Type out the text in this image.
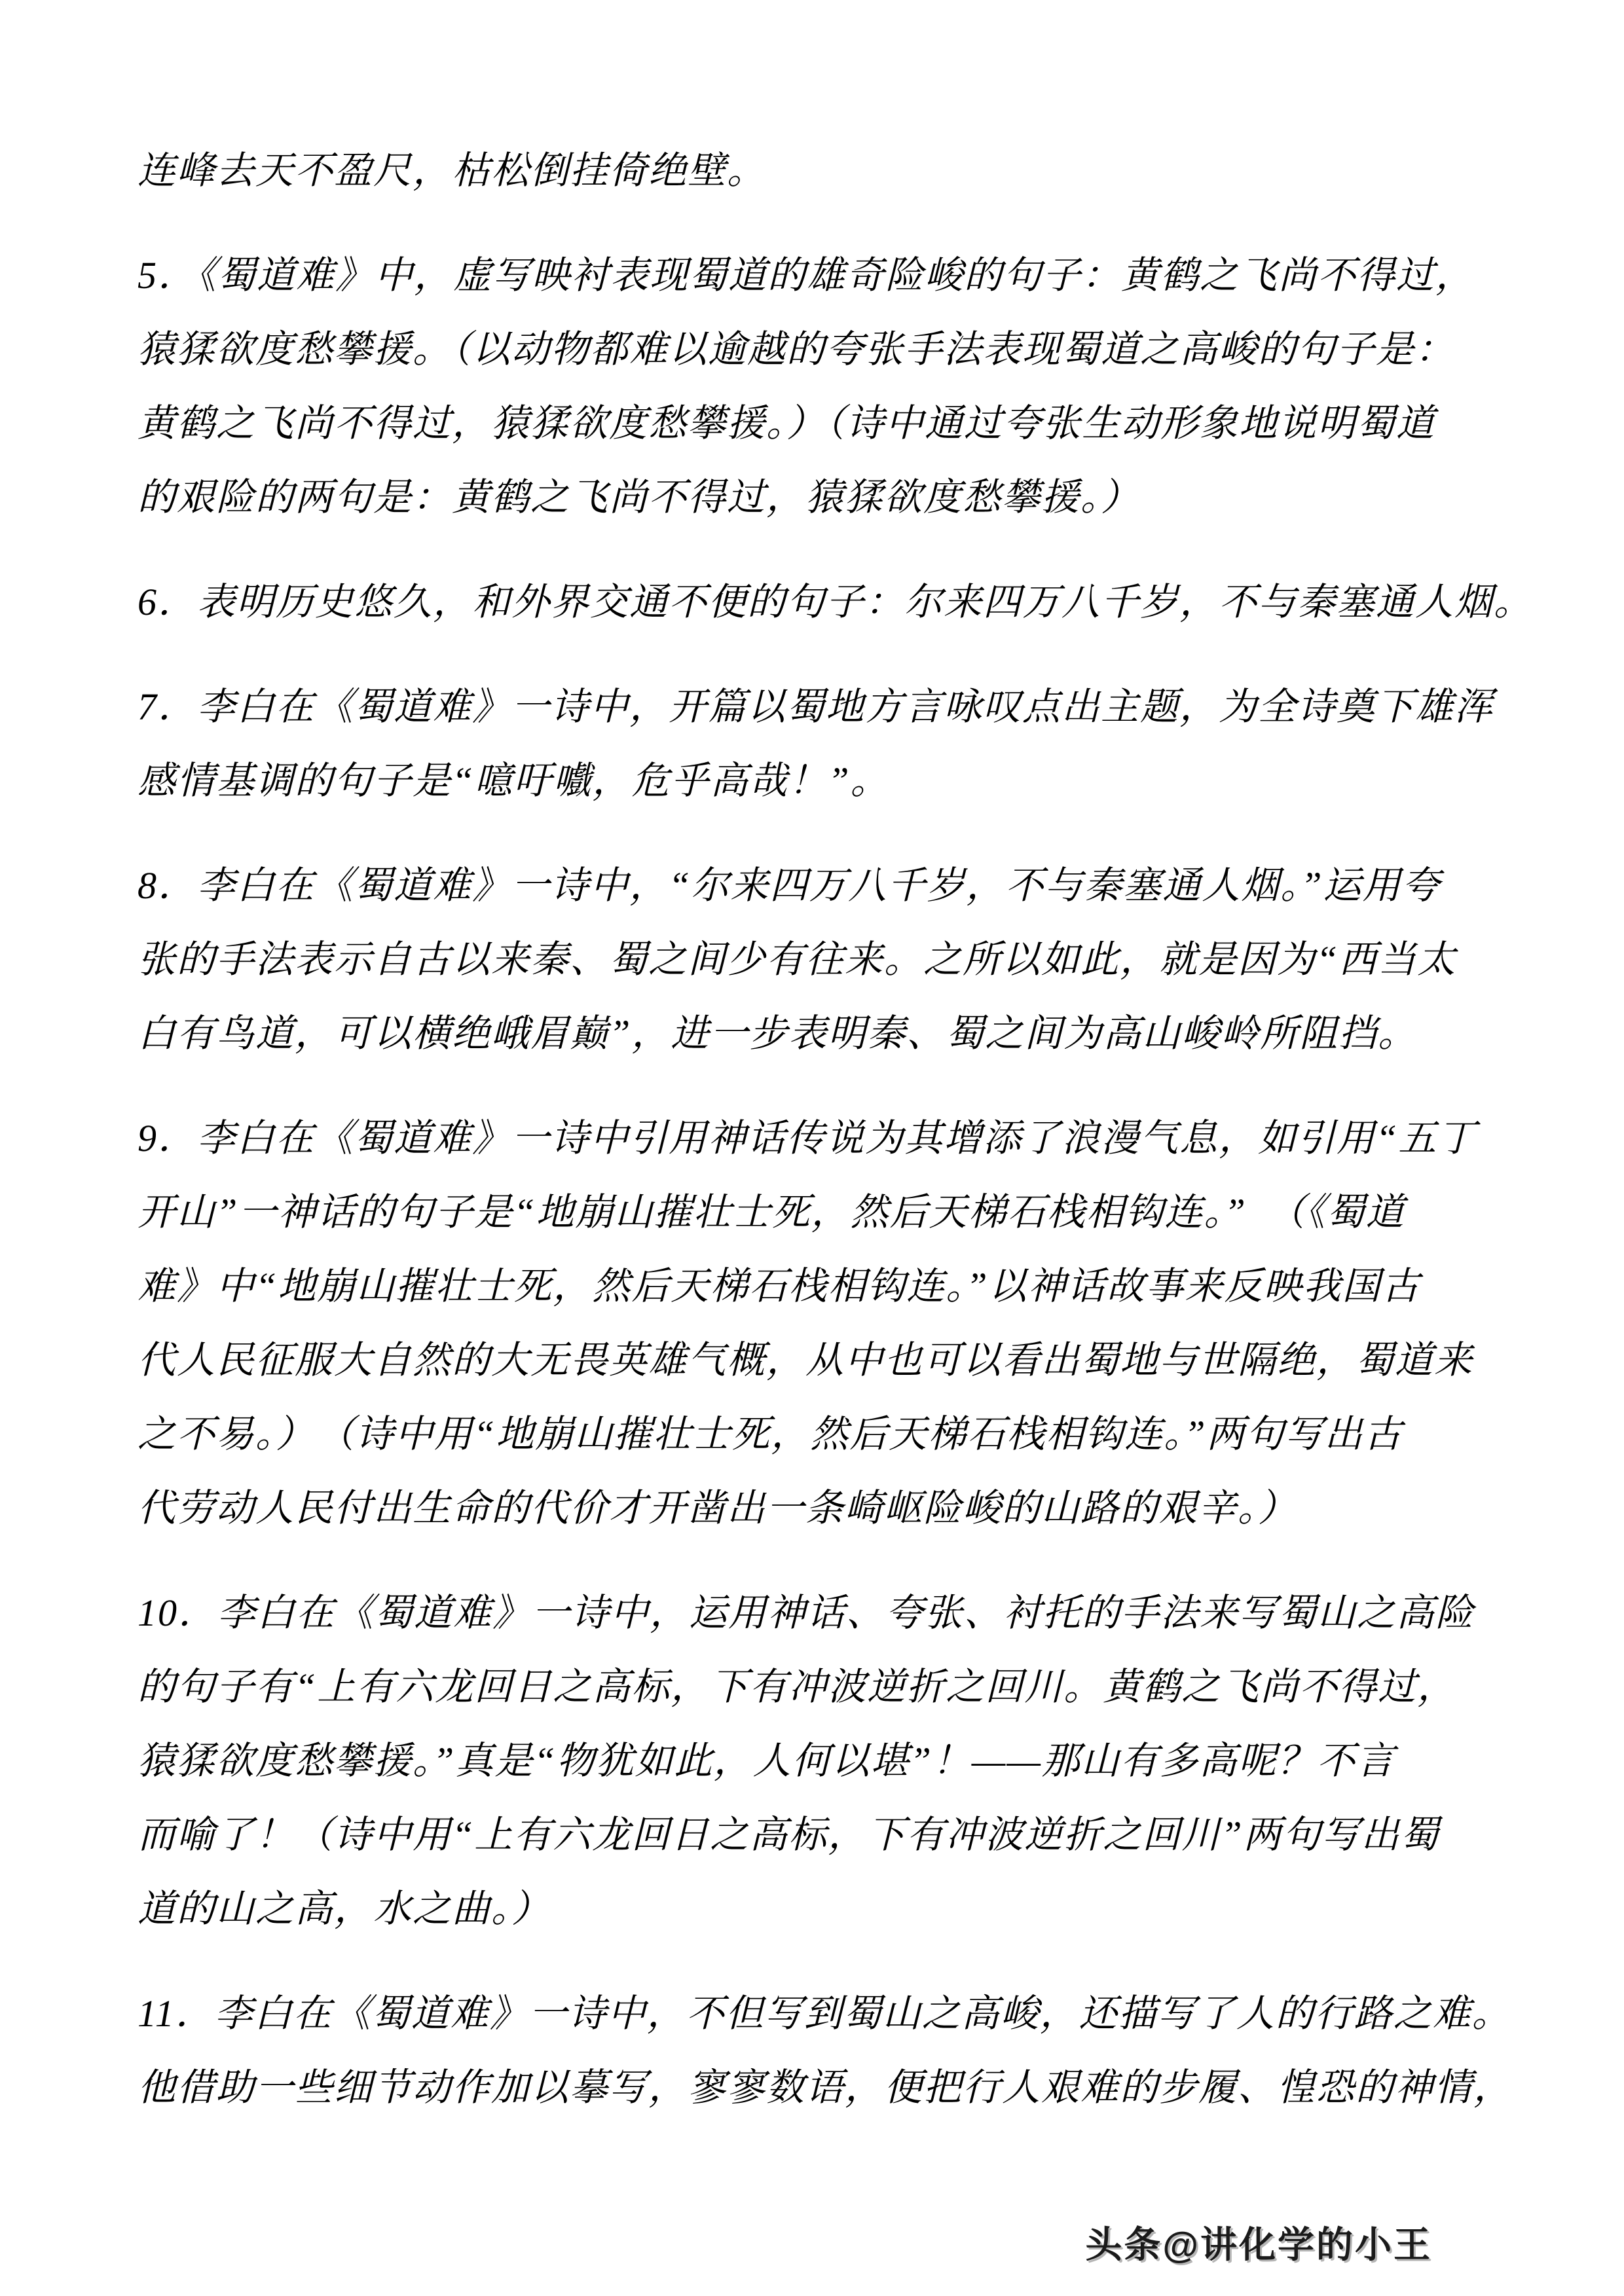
连峰去天不盈尺，枯松倒挂倚绝壁。
5．《蜀道难》中，虚写映衬表现蜀道的雄奇险峻的句子：黄鹤之飞尚不得过，
猿猱欲度愁攀援。（以动物都难以逾越的夸张手法表现蜀道之高峻的句子是：
黄鹤之飞尚不得过，猿猱欲度愁攀援。）（诗中通过夸张生动形象地说明蜀道
的艰险的两句是：黄鹤之飞尚不得过，猿猱欲度愁攀援。）
6．表明历史悠久，和外界交通不便的句子：尔来四万八千岁，不与秦塞通人烟。
7．李白在《蜀道难》一诗中，开篇以蜀地方言咏叹点出主题，为全诗奠下雄浑
感情基调的句子是“噫吁嚱，危乎高哉！”。
8．李白在《蜀道难》一诗中，“尔来四万八千岁，不与秦塞通人烟。”运用夸
张的手法表示自古以来秦、蜀之间少有往来。之所以如此，就是因为“西当太
白有鸟道，可以横绝峨眉巅”，进一步表明秦、蜀之间为高山峻岭所阻挡。
9．李白在《蜀道难》一诗中引用神话传说为其增添了浪漫气息，如引用“五丁
开山”一神话的句子是“地崩山摧壮士死，然后天梯石栈相钩连。”　（《蜀道
难》中“地崩山摧壮士死，然后天梯石栈相钩连。”以神话故事来反映我国古
代人民征服大自然的大无畏英雄气概，从中也可以看出蜀地与世隔绝，蜀道来
之不易。）　（诗中用“地崩山摧壮士死，然后天梯石栈相钩连。”两句写出古
代劳动人民付出生命的代价才开凿出一条崎岖险峻的山路的艰辛。）
10．李白在《蜀道难》一诗中，运用神话、夸张、衬托的手法来写蜀山之高险
的句子有“上有六龙回日之高标，下有冲波逆折之回川。黄鹤之飞尚不得过，
猿猱欲度愁攀援。”真是“物犹如此，人何以堪”！——那山有多高呢？不言
而喻了！（诗中用“上有六龙回日之高标，下有冲波逆折之回川”两句写出蜀
道的山之高，水之曲。）
11．李白在《蜀道难》一诗中，不但写到蜀山之高峻，还描写了人的行路之难。
他借助一些细节动作加以摹写，寥寥数语，便把行人艰难的步履、惶恐的神情，
头条@讲化学的小王
